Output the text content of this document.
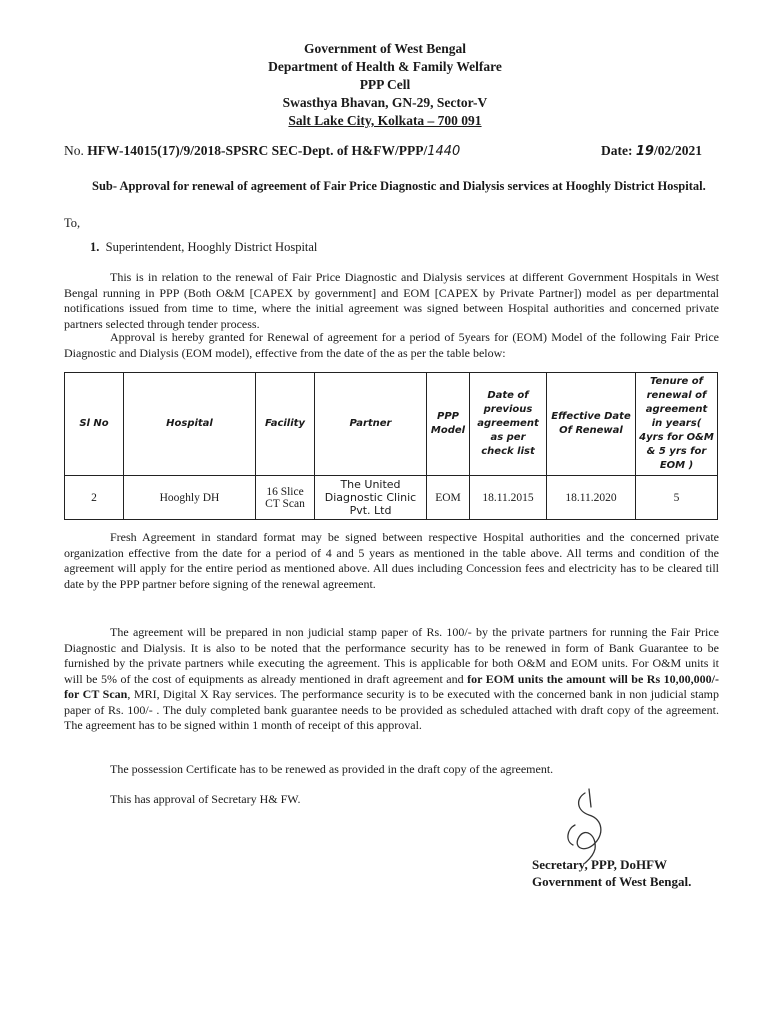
Government of West Bengal
Department of Health & Family Welfare
PPP Cell
Swasthya Bhavan, GN-29, Sector-V
Salt Lake City, Kolkata – 700 091
No. HFW-14015(17)/9/2018-SPSRC SEC-Dept. of H&FW/PPP/1440	Date: 19/02/2021
Sub- Approval for renewal of agreement of Fair Price Diagnostic and Dialysis services at Hooghly District Hospital.
To,
1. Superintendent, Hooghly District Hospital
This is in relation to the renewal of Fair Price Diagnostic and Dialysis services at different Government Hospitals in West Bengal running in PPP (Both O&M [CAPEX by government] and EOM [CAPEX by Private Partner]) model as per departmental notifications issued from time to time, where the initial agreement was signed between Hospital authorities and concerned private partners selected through tender process.
Approval is hereby granted for Renewal of agreement for a period of 5years for (EOM) Model of the following Fair Price Diagnostic and Dialysis (EOM model), effective from the date of the as per the table below:
Sl No	Hospital	Facility	Partner	PPP Model	Date of previous agreement as per check list	Effective Date Of Renewal	Tenure of renewal of agreement in years( 4yrs for O&M & 5 yrs for EOM )
2	Hooghly DH	16 Slice CT Scan	The United Diagnostic Clinic Pvt. Ltd	EOM	18.11.2015	18.11.2020	5
Fresh Agreement in standard format may be signed between respective Hospital authorities and the concerned private organization effective from the date for a period of 4 and 5 years as mentioned in the table above. All terms and condition of the agreement will apply for the entire period as mentioned above. All dues including Concession fees and electricity has to be cleared till date by the PPP partner before signing of the renewal agreement.
The agreement will be prepared in non judicial stamp paper of Rs. 100/- by the private partners for running the Fair Price Diagnostic and Dialysis. It is also to be noted that the performance security has to be renewed in form of Bank Guarantee to be furnished by the private partners while executing the agreement. This is applicable for both O&M and EOM units. For O&M units it will be 5% of the cost of equipments as already mentioned in draft agreement and for EOM units the amount will be Rs 10,00,000/- for CT Scan, MRI, Digital X Ray services. The performance security is to be executed with the concerned bank in non judicial stamp paper of Rs. 100/- . The duly completed bank guarantee needs to be provided as scheduled attached with draft copy of the agreement. The agreement has to be signed within 1 month of receipt of this approval.
The possession Certificate has to be renewed as provided in the draft copy of the agreement.
This has approval of Secretary H& FW.
Secretary, PPP, DoHFW
Government of West Bengal.
